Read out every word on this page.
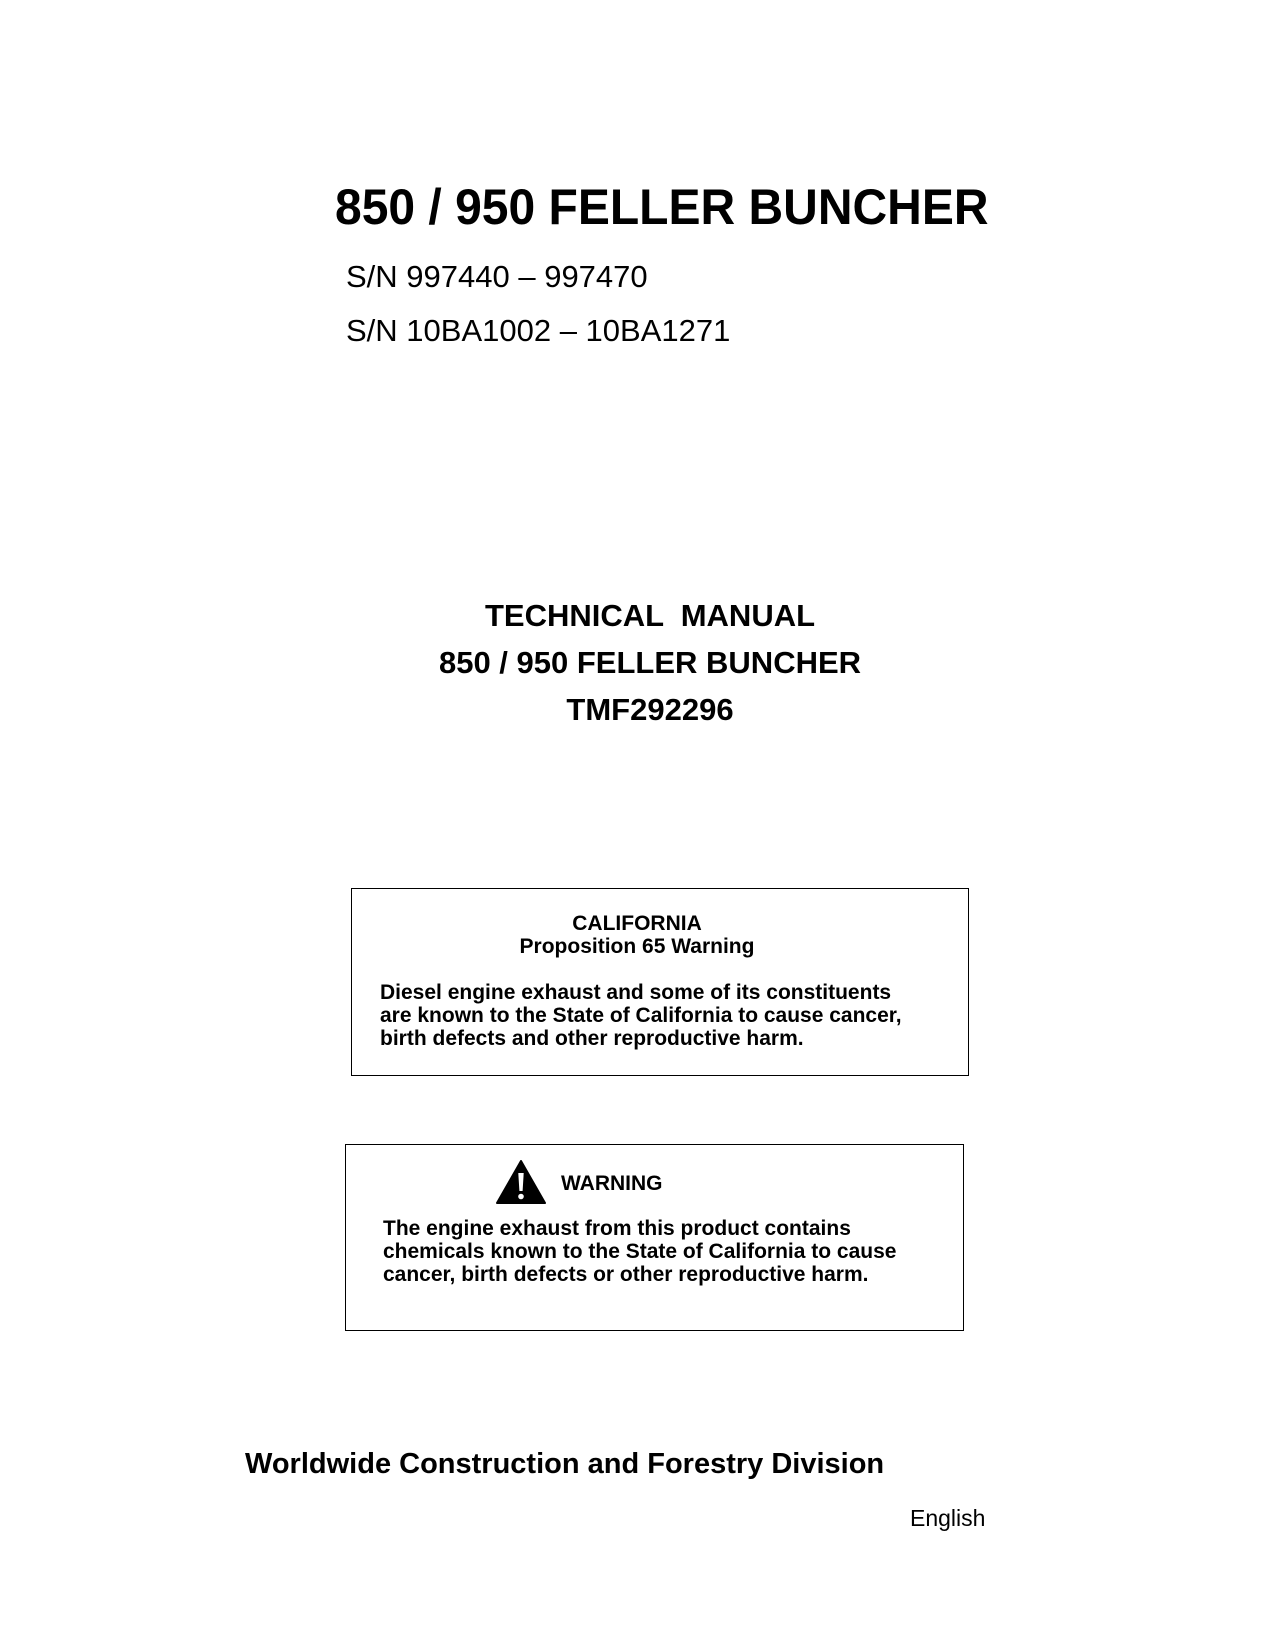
850 / 950 FELLER BUNCHER
S/N 997440 – 997470
S/N 10BA1002 – 10BA1271
TECHNICAL  MANUAL
850 / 950 FELLER BUNCHER
TMF292296
CALIFORNIA
Proposition 65 Warning
Diesel engine exhaust and some of its constituents
are known to the State of California to cause cancer,
birth defects and other reproductive harm.
WARNING
The engine exhaust from this product contains
chemicals known to the State of California to cause
cancer, birth defects or other reproductive harm.
Worldwide Construction and Forestry Division
English
